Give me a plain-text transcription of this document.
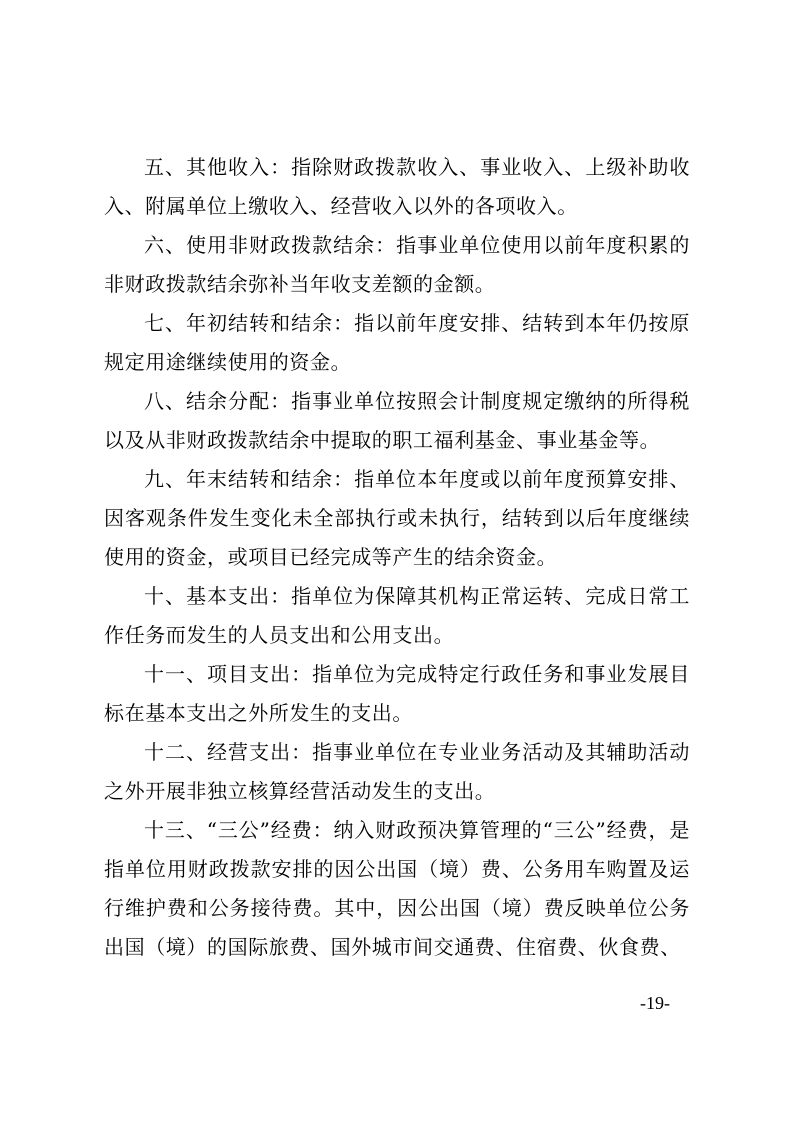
五、其他收入：指除财政拨款收入、事业收入、上级补助收入、附属单位上缴收入、经营收入以外的各项收入。

六、使用非财政拨款结余：指事业单位使用以前年度积累的非财政拨款结余弥补当年收支差额的金额。

七、年初结转和结余：指以前年度安排、结转到本年仍按原规定用途继续使用的资金。

八、结余分配：指事业单位按照会计制度规定缴纳的所得税以及从非财政拨款结余中提取的职工福利基金、事业基金等。

九、年末结转和结余：指单位本年度或以前年度预算安排、因客观条件发生变化未全部执行或未执行，结转到以后年度继续使用的资金，或项目已经完成等产生的结余资金。

十、基本支出：指单位为保障其机构正常运转、完成日常工作任务而发生的人员支出和公用支出。

十一、项目支出：指单位为完成特定行政任务和事业发展目标在基本支出之外所发生的支出。

十二、经营支出：指事业单位在专业业务活动及其辅助活动之外开展非独立核算经营活动发生的支出。

十三、“三公”经费：纳入财政预决算管理的“三公”经费，是指单位用财政拨款安排的因公出国（境）费、公务用车购置及运行维护费和公务接待费。其中，因公出国（境）费反映单位公务出国（境）的国际旅费、国外城市间交通费、住宿费、伙食费、

-19-
